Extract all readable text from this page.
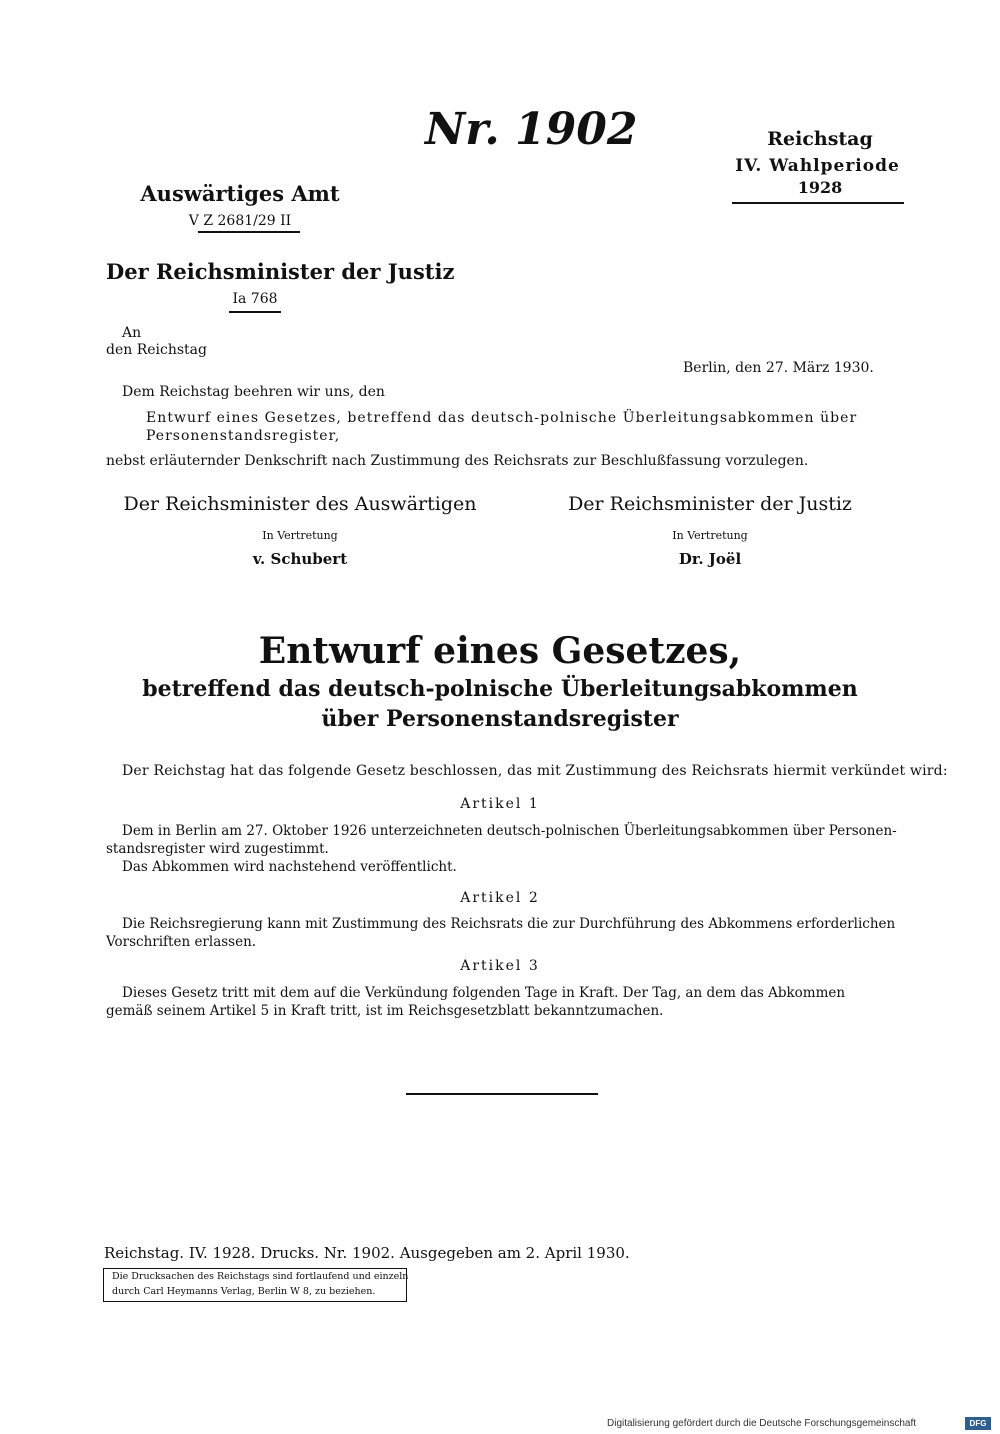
Nr. 1902	Reichstag
IV. Wahlperiode
1928
Auswärtiges Amt
V Z 2681/29 II
Der Reichsminister der Justiz
Ia 768
An
den Reichstag
Berlin, den 27. März 1930.
Dem Reichstag beehren wir uns, den
Entwurf eines Gesetzes, betreffend das deutsch-polnische Überleitungsabkommen über
Personenstandsregister,
nebst erläuternder Denkschrift nach Zustimmung des Reichsrats zur Beschlußfassung vorzulegen.
Der Reichsminister des Auswärtigen
In Vertretung
v. Schubert
Der Reichsminister der Justiz
In Vertretung
Dr. Joël
Entwurf eines Gesetzes,
betreffend das deutsch-polnische Überleitungsabkommen
über Personenstandsregister
Der Reichstag hat das folgende Gesetz beschlossen, das mit Zustimmung des Reichsrats hiermit verkündet wird:
Artikel 1
Dem in Berlin am 27. Oktober 1926 unterzeichneten deutsch-polnischen Überleitungsabkommen über Personen-
standsregister wird zugestimmt.
Das Abkommen wird nachstehend veröffentlicht.
Artikel 2
Die Reichsregierung kann mit Zustimmung des Reichsrats die zur Durchführung des Abkommens erforderlichen
Vorschriften erlassen.
Artikel 3
Dieses Gesetz tritt mit dem auf die Verkündung folgenden Tage in Kraft. Der Tag, an dem das Abkommen
gemäß seinem Artikel 5 in Kraft tritt, ist im Reichsgesetzblatt bekanntzumachen.
Reichstag. IV. 1928. Drucks. Nr. 1902. Ausgegeben am 2. April 1930.
Die Drucksachen des Reichstags sind fortlaufend und einzeln
durch Carl Heymanns Verlag, Berlin W 8, zu beziehen.
Digitalisierung gefördert durch die Deutsche Forschungsgemeinschaft	DFG
